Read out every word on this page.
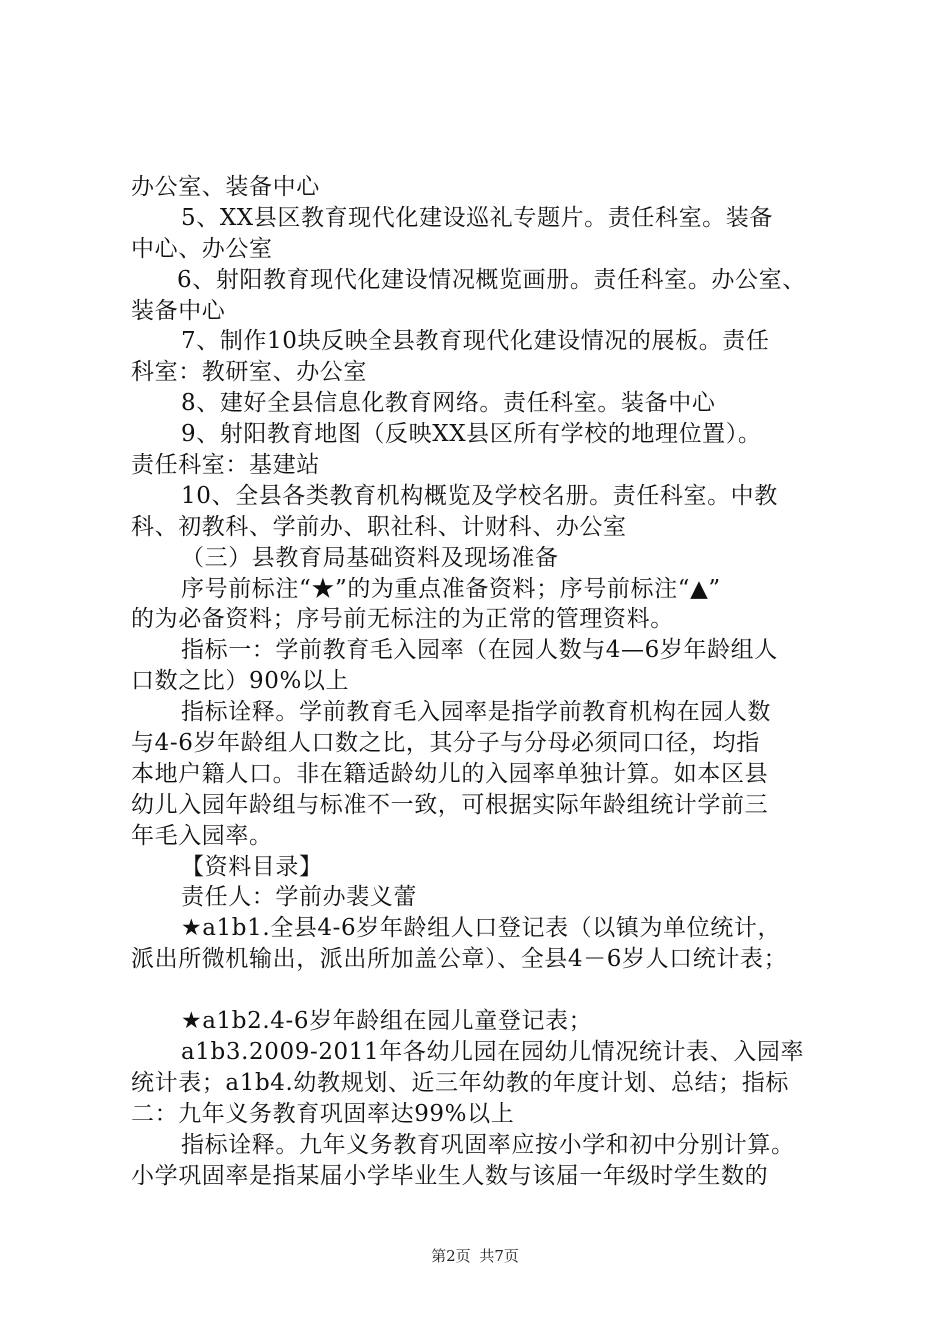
办公室、装备中心
5、XX县区教育现代化建设巡礼专题片。责任科室。装备
中心、办公室
6、射阳教育现代化建设情况概览画册。责任科室。办公室、
装备中心
7、制作10块反映全县教育现代化建设情况的展板。责任
科室：教研室、办公室
8、建好全县信息化教育网络。责任科室。装备中心
9、射阳教育地图（反映XX县区所有学校的地理位置）。
责任科室：基建站
10、全县各类教育机构概览及学校名册。责任科室。中教
科、初教科、学前办、职社科、计财科、办公室
（三）县教育局基础资料及现场准备
序号前标注“★”的为重点准备资料；序号前标注“▲”
的为必备资料；序号前无标注的为正常的管理资料。
指标一：学前教育毛入园率（在园人数与4—6岁年龄组人
口数之比）90%以上
指标诠释。学前教育毛入园率是指学前教育机构在园人数
与4-6岁年龄组人口数之比，其分子与分母必须同口径，均指
本地户籍人口。非在籍适龄幼儿的入园率单独计算。如本区县
幼儿入园年龄组与标准不一致，可根据实际年龄组统计学前三
年毛入园率。
【资料目录】
责任人：学前办裴义蕾
★a1b1.全县4-6岁年龄组人口登记表（以镇为单位统计，
派出所微机输出，派出所加盖公章）、全县4－6岁人口统计表；
★a1b2.4-6岁年龄组在园儿童登记表；
a1b3.2009-2011年各幼儿园在园幼儿情况统计表、入园率
统计表；a1b4.幼教规划、近三年幼教的年度计划、总结；指标
二：九年义务教育巩固率达99%以上
指标诠释。九年义务教育巩固率应按小学和初中分别计算。
小学巩固率是指某届小学毕业生人数与该届一年级时学生数的
第2页 共7页
